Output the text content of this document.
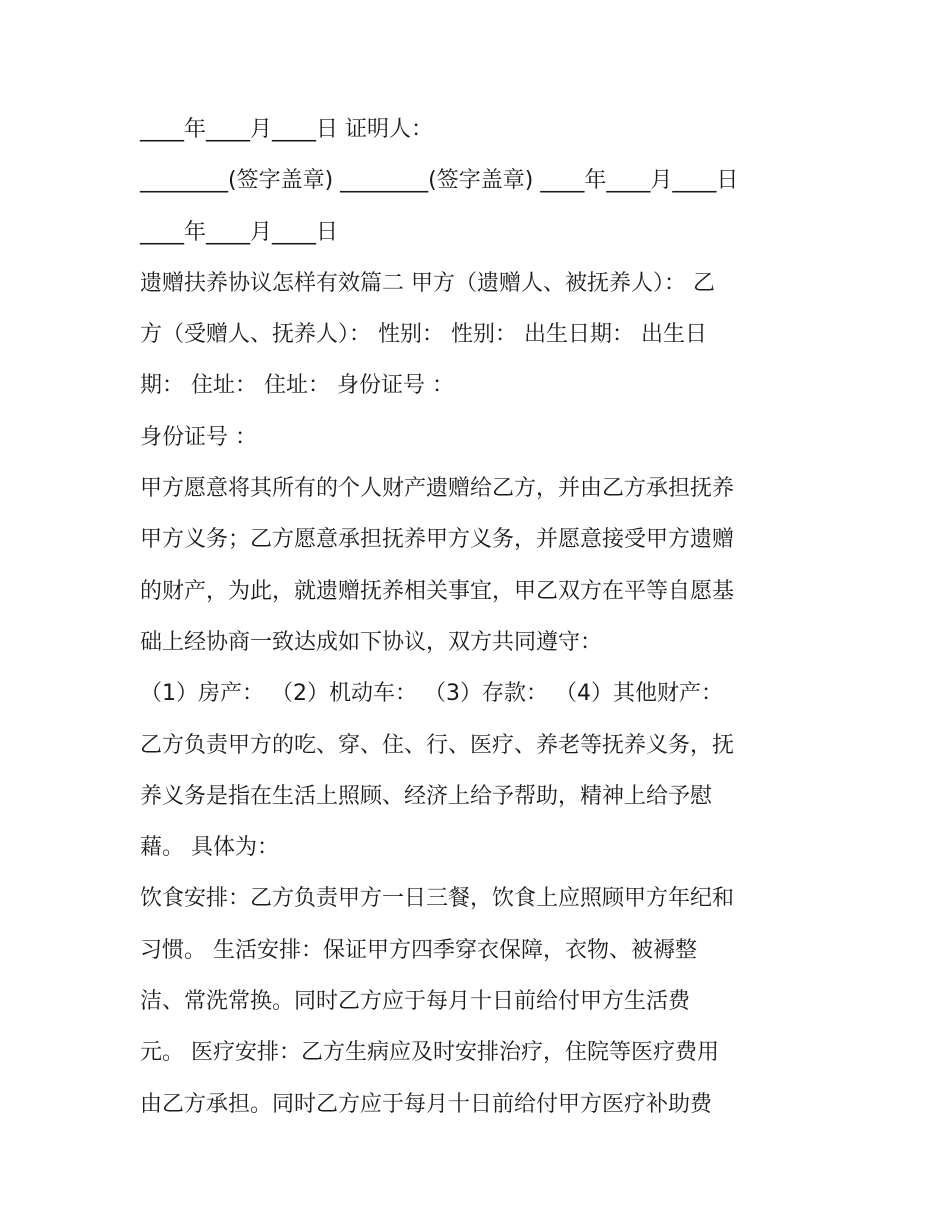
____年____月____日 证明人：
________(签字盖章) ________(签字盖章) ____年____月____日
____年____月____日
遗赠扶养协议怎样有效篇二 甲方（遗赠人、被抚养人）： 乙
方（受赠人、抚养人）： 性别： 性别： 出生日期： 出生日
期： 住址： 住址： 身份证号 ：
身份证号 ：
甲方愿意将其所有的个人财产遗赠给乙方，并由乙方承担抚养
甲方义务；乙方愿意承担抚养甲方义务，并愿意接受甲方遗赠
的财产，为此，就遗赠抚养相关事宜，甲乙双方在平等自愿基
础上经协商一致达成如下协议，双方共同遵守：
（1）房产： （2）机动车： （3）存款： （4）其他财产：
乙方负责甲方的吃、穿、住、行、医疗、养老等抚养义务，抚
养义务是指在生活上照顾、经济上给予帮助，精神上给予慰
藉。 具体为：
饮食安排：乙方负责甲方一日三餐，饮食上应照顾甲方年纪和
习惯。 生活安排：保证甲方四季穿衣保障，衣物、被褥整
洁、常洗常换。同时乙方应于每月十日前给付甲方生活费
元。 医疗安排：乙方生病应及时安排治疗，住院等医疗费用
由乙方承担。同时乙方应于每月十日前给付甲方医疗补助费
